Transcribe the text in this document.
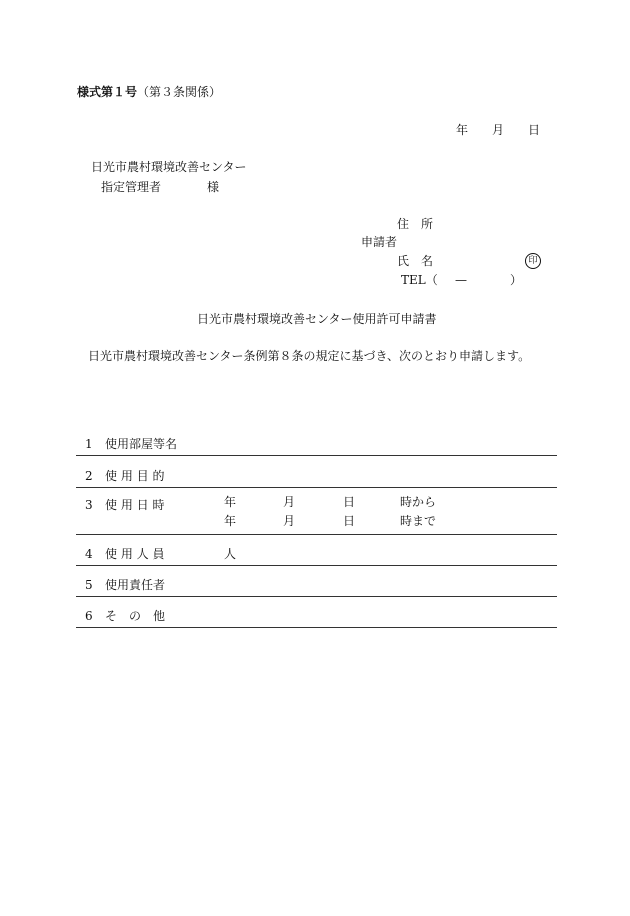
様式第１号（第３条関係）
年 月 日
日光市農村環境改善センター
指定管理者	様
住　所
申請者
氏　名	印
TEL（ —	）
日光市農村環境改善センター使用許可申請書
日光市農村環境改善センター条例第８条の規定に基づき、次のとおり申請します。
1 使用部屋等名
2 使 用 目 的
3 使 用 日 時	年	月	日	時から
年	月	日	時まで
4 使 用 人 員	人
5 使用責任者
6 そ　の　他
